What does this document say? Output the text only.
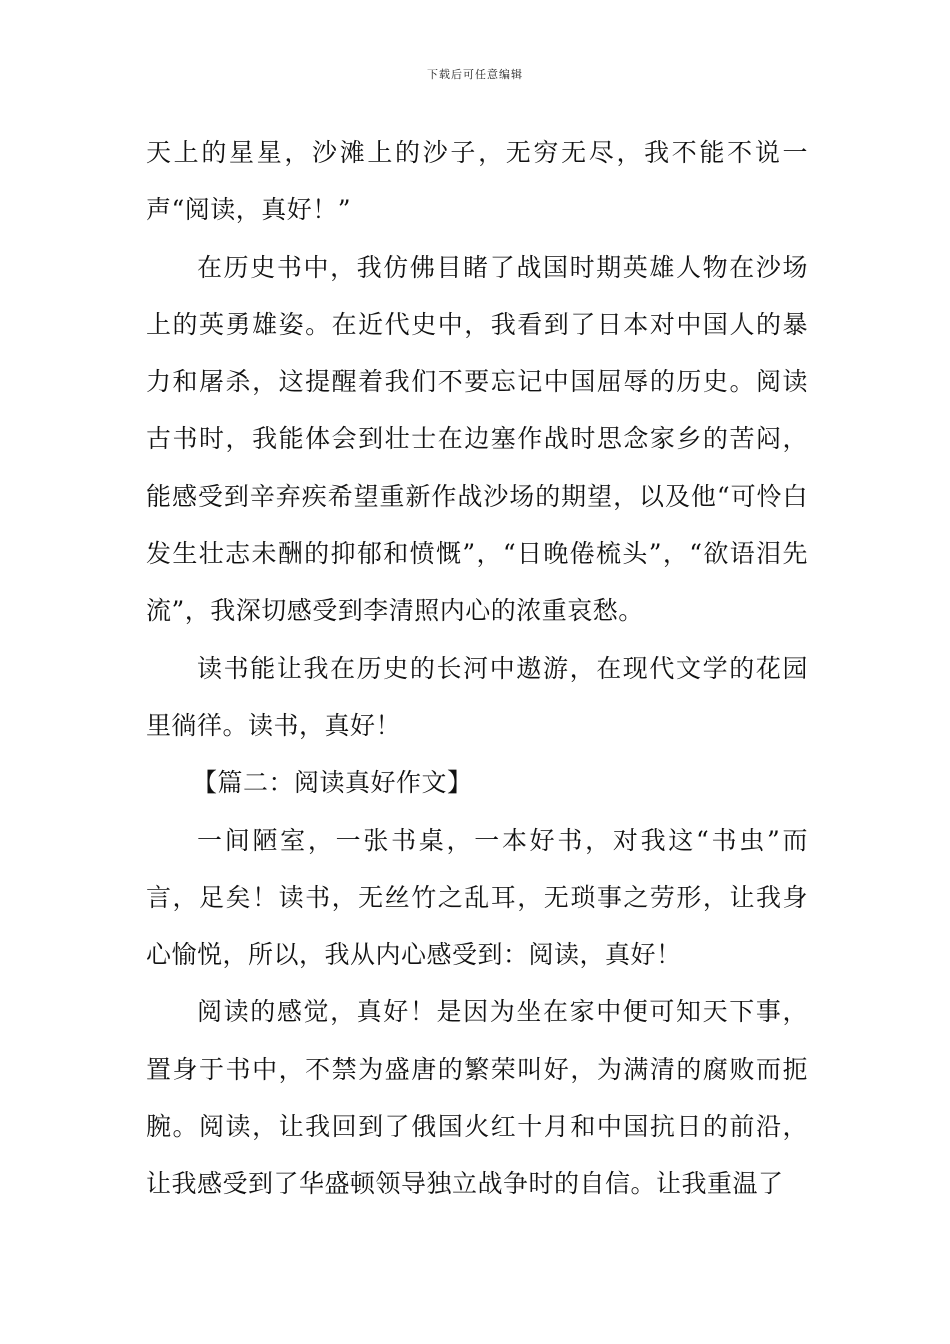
下载后可任意编辑

天上的星星，沙滩上的沙子，无穷无尽，我不能不说一声“阅读，真好！”

在历史书中，我仿佛目睹了战国时期英雄人物在沙场上的英勇雄姿。在近代史中，我看到了日本对中国人的暴力和屠杀，这提醒着我们不要忘记中国屈辱的历史。阅读古书时，我能体会到壮士在边塞作战时思念家乡的苦闷，能感受到辛弃疾希望重新作战沙场的期望，以及他“可怜白发生壮志未酬的抑郁和愤慨”，“日晚倦梳头”，“欲语泪先流”，我深切感受到李清照内心的浓重哀愁。

读书能让我在历史的长河中遨游，在现代文学的花园里徜徉。读书，真好！

【篇二：阅读真好作文】

一间陋室，一张书桌，一本好书，对我这“书虫”而言，足矣！读书，无丝竹之乱耳，无琐事之劳形，让我身心愉悦，所以，我从内心感受到：阅读，真好！

阅读的感觉，真好！是因为坐在家中便可知天下事，置身于书中，不禁为盛唐的繁荣叫好，为满清的腐败而扼腕。阅读，让我回到了俄国火红十月和中国抗日的前沿，让我感受到了华盛顿领导独立战争时的自信。让我重温了
